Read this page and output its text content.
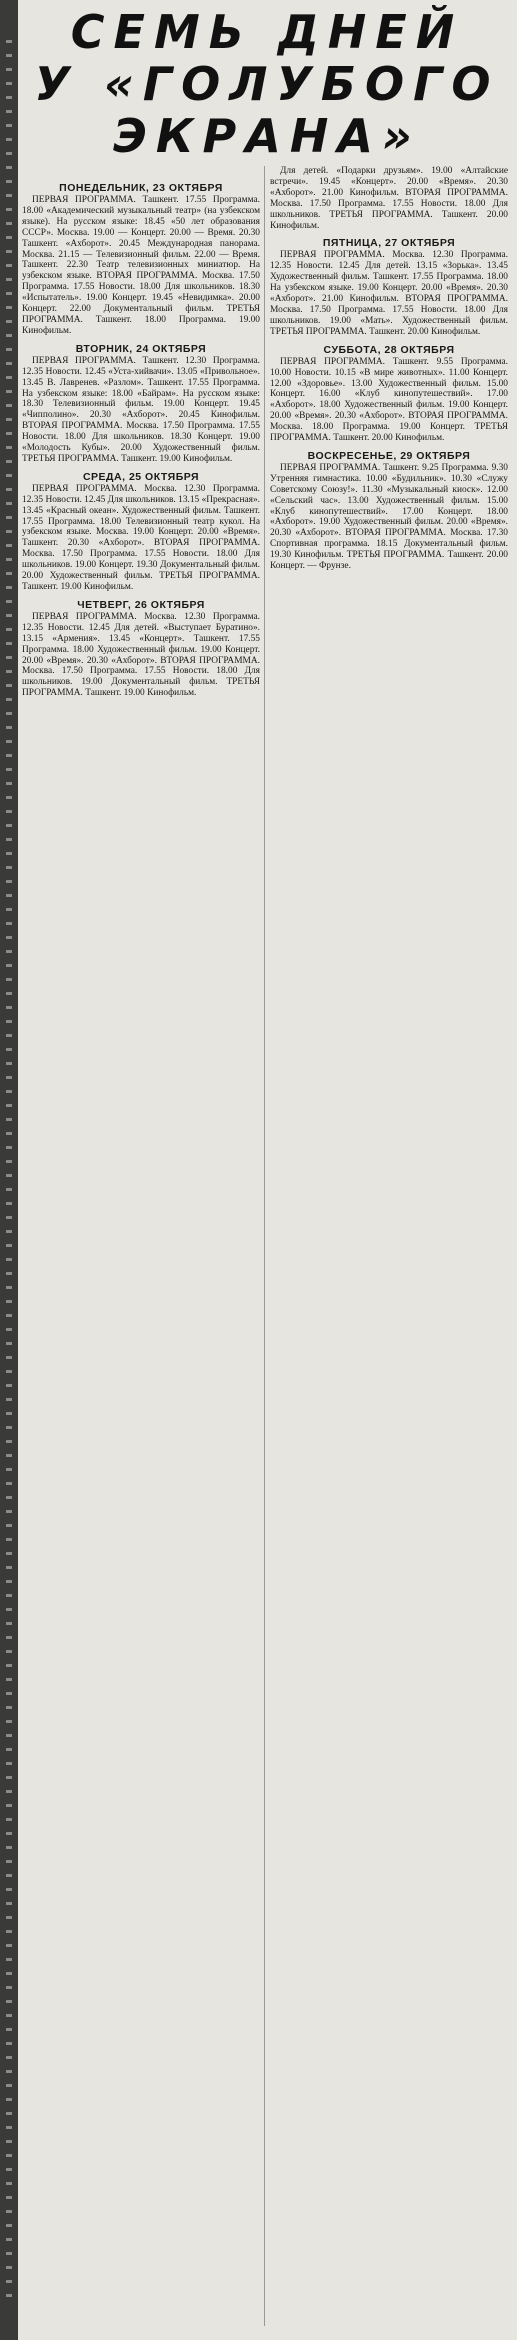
СЕМЬ ДНЕЙ
У «ГОЛУБОГО
ЭКРАНА»
ПОНЕДЕЛЬНИК, 23 ОКТЯБРЯ

ПЕРВАЯ ПРОГРАММА. Ташкент. 17.55 Программа. 18.00 «Академический музыкальный театр» (на узбекском языке). На русском языке: 18.45 «50 лет образования СССР». Москва. 19.00 — Концерт. 20.00 — Время. 20.30 Ташкент. «Ахборот». 20.45 Международная панорама. Москва. 21.15 — Телевизионный фильм. 22.00 — Время. Ташкент. 22.30 Театр телевизионных миниатюр. На узбекском языке. ВТОРАЯ ПРОГРАММА. Москва. 17.50 Программа. 17.55 Новости. 18.00 Для школьников. 18.30 «Испытатель». 19.00 Концерт. 19.45 «Невидимка». 20.00 Концерт. 22.00 Документальный фильм. ТРЕТЬЯ ПРОГРАММА. Ташкент. 18.00 Программа. 19.00 Кинофильм.

ВТОРНИК, 24 ОКТЯБРЯ

ПЕРВАЯ ПРОГРАММА. Ташкент. 12.30 Программа. 12.35 Новости. 12.45 «Уста-хийвачи». 13.05 «Привольное». 13.45 В. Лавренев. «Разлом». Ташкент. 17.55 Программа. На узбекском языке: 18.00 «Байрам». На русском языке: 18.30 Телевизионный фильм. 19.00 Концерт. 19.45 «Чипполино». 20.30 «Ахборот». 20.45 Кинофильм. ВТОРАЯ ПРОГРАММА. Москва. 17.50 Программа. 17.55 Новости. 18.00 Для школьников. 18.30 Концерт. 19.00 «Молодость Кубы». 20.00 Художественный фильм. ТРЕТЬЯ ПРОГРАММА. Ташкент. 19.00 Кинофильм.

СРЕДА, 25 ОКТЯБРЯ

ПЕРВАЯ ПРОГРАММА. Москва. 12.30 Программа. 12.35 Новости. 12.45 Для школьников. 13.15 «Прекрасная». 13.45 «Красный океан». Художественный фильм. Ташкент. 17.55 Программа. 18.00 Телевизионный театр кукол. На узбекском языке. Москва. 19.00 Концерт. 20.00 «Время». Ташкент. 20.30 «Ахборот». ВТОРАЯ ПРОГРАММА. Москва. 17.50 Программа. 17.55 Новости. 18.00 Для школьников. 19.00 Концерт. 19.30 Документальный фильм. 20.00 Художественный фильм. ТРЕТЬЯ ПРОГРАММА. Ташкент. 19.00 Кинофильм.

ЧЕТВЕРГ, 26 ОКТЯБРЯ

ПЕРВАЯ ПРОГРАММА. Москва. 12.30 Программа. 12.35 Новости. 12.45 Для детей. «Выступает Буратино». 13.15 «Армения». 13.45 «Концерт». Ташкент. 17.55 Программа. 18.00 Художественный фильм. 19.00 Концерт. 20.00 «Время». 20.30 «Ахборот». ВТОРАЯ ПРОГРАММА. Москва. 17.50 Программа. 17.55 Новости. 18.00 Для школьников. 19.00 Документальный фильм. ТРЕТЬЯ ПРОГРАММА. Ташкент. 19.00 Кинофильм.

Для детей. «Подарки друзьям». 19.00 «Алтайские встречи». 19.45 «Концерт». 20.00 «Время». 20.30 «Ахборот». 21.00 Кинофильм. ВТОРАЯ ПРОГРАММА. Москва. 17.50 Программа. 17.55 Новости. 18.00 Для школьников. ТРЕТЬЯ ПРОГРАММА. Ташкент. 20.00 Кинофильм.

ПЯТНИЦА, 27 ОКТЯБРЯ

ПЕРВАЯ ПРОГРАММА. Москва. 12.30 Программа. 12.35 Новости. 12.45 Для детей. 13.15 «Зорька». 13.45 Художественный фильм. Ташкент. 17.55 Программа. 18.00 На узбекском языке. 19.00 Концерт. 20.00 «Время». 20.30 «Ахборот». 21.00 Кинофильм. ВТОРАЯ ПРОГРАММА. Москва. 17.50 Программа. 17.55 Новости. 18.00 Для школьников. 19.00 «Мать». Художественный фильм. ТРЕТЬЯ ПРОГРАММА. Ташкент. 20.00 Кинофильм.

СУББОТА, 28 ОКТЯБРЯ

ПЕРВАЯ ПРОГРАММА. Ташкент. 9.55 Программа. 10.00 Новости. 10.15 «В мире животных». 11.00 Концерт. 12.00 «Здоровье». 13.00 Художественный фильм. 15.00 Концерт. 16.00 «Клуб кинопутешествий». 17.00 «Ахборот». 18.00 Художественный фильм. 19.00 Концерт. 20.00 «Время». 20.30 «Ахборот». ВТОРАЯ ПРОГРАММА. Москва. 18.00 Программа. 19.00 Концерт. ТРЕТЬЯ ПРОГРАММА. Ташкент. 20.00 Кинофильм.

ВОСКРЕСЕНЬЕ, 29 ОКТЯБРЯ

ПЕРВАЯ ПРОГРАММА. Ташкент. 9.25 Программа. 9.30 Утренняя гимнастика. 10.00 «Будильник». 10.30 «Служу Советскому Союзу!». 11.30 «Музыкальный киоск». 12.00 «Сельский час». 13.00 Художественный фильм. 15.00 «Клуб кинопутешествий». 17.00 Концерт. 18.00 «Ахборот». 19.00 Художественный фильм. 20.00 «Время». 20.30 «Ахборот». ВТОРАЯ ПРОГРАММА. Москва. 17.30 Спортивная программа. 18.15 Документальный фильм. 19.30 Кинофильм. ТРЕТЬЯ ПРОГРАММА. Ташкент. 20.00 Концерт. — Фрунзе.
